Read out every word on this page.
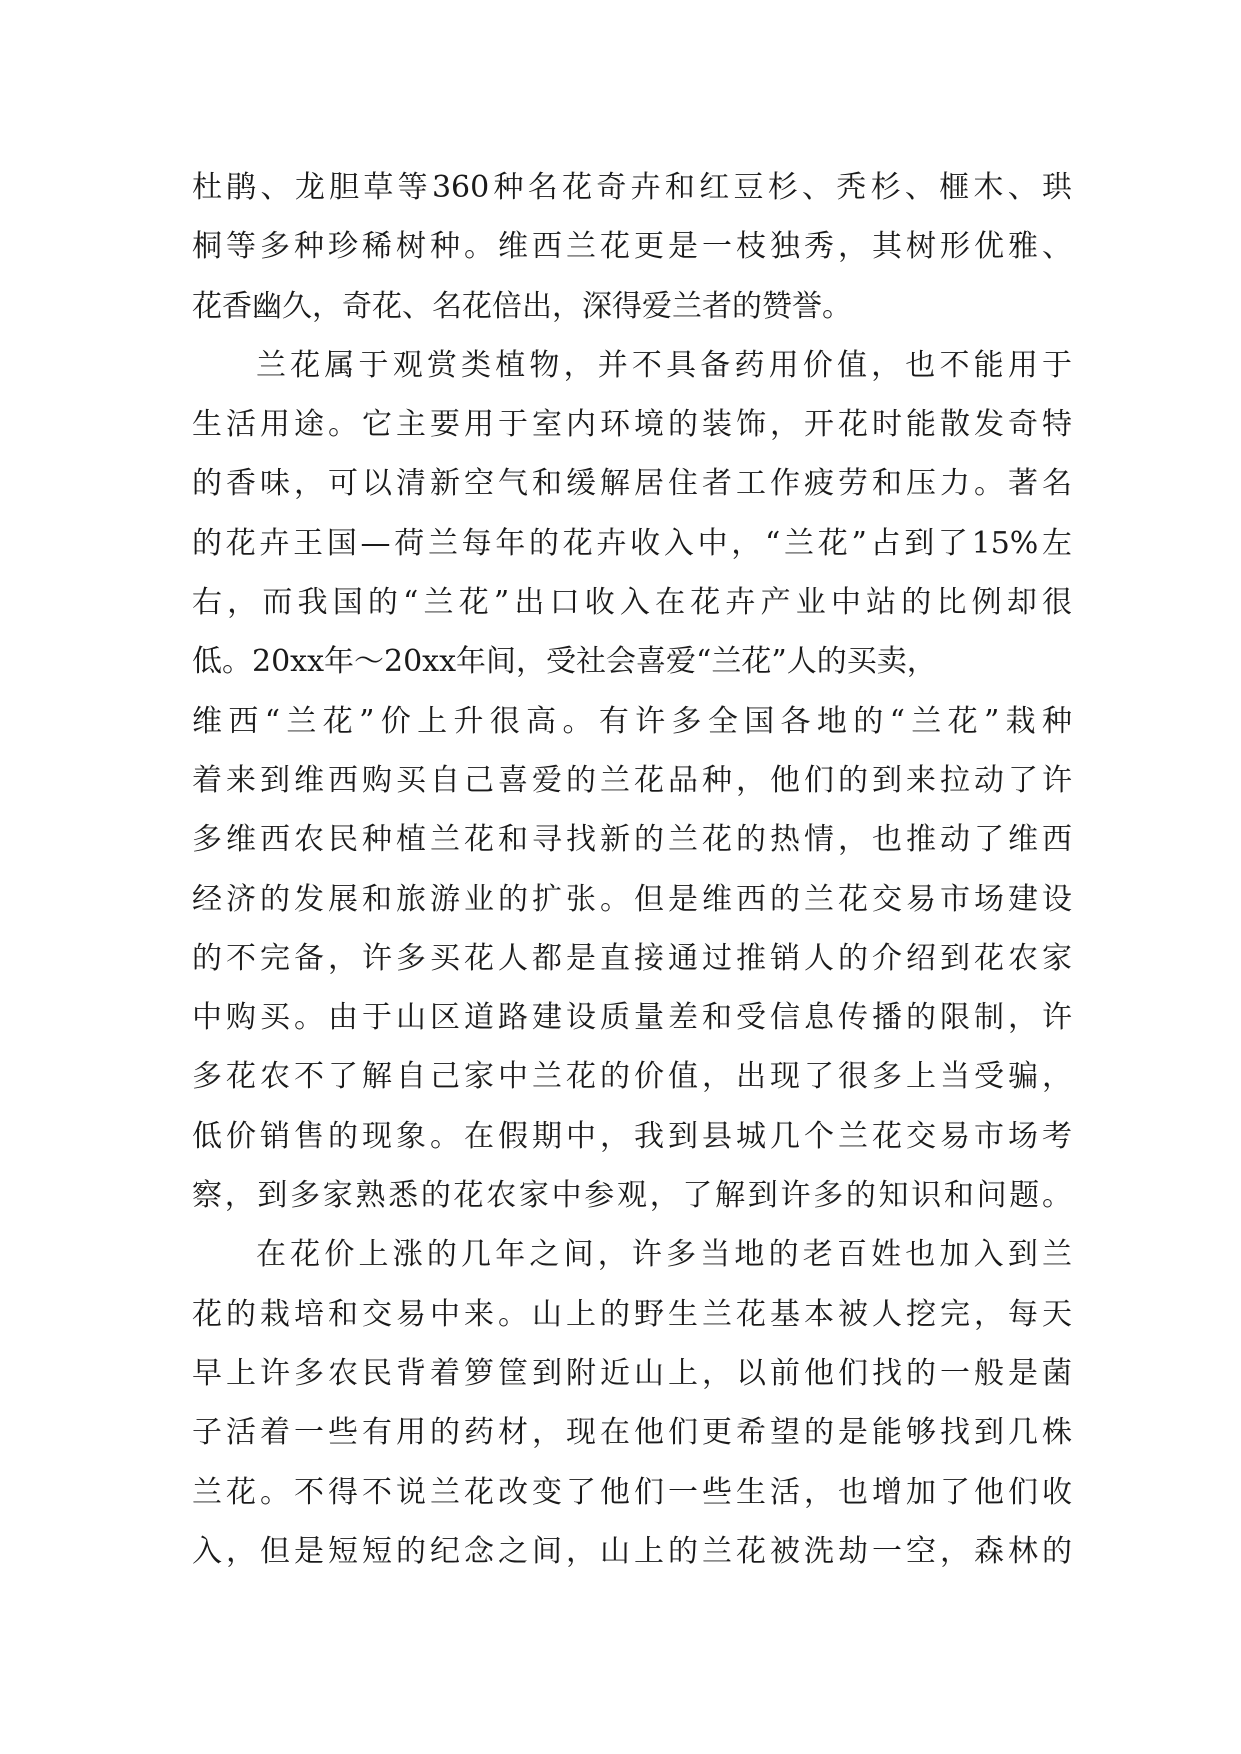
杜鹃、龙胆草等360种名花奇卉和红豆杉、秃杉、榧木、珙
桐等多种珍稀树种。维西兰花更是一枝独秀，其树形优雅、
花香幽久，奇花、名花倍出，深得爱兰者的赞誉。
兰花属于观赏类植物，并不具备药用价值，也不能用于
生活用途。它主要用于室内环境的装饰，开花时能散发奇特
的香味，可以清新空气和缓解居住者工作疲劳和压力。著名
的花卉王国—荷兰每年的花卉收入中，“兰花”占到了15%左
右，而我国的“兰花”出口收入在花卉产业中站的比例却很
低。20xx年～20xx年间，受社会喜爱“兰花”人的买卖，
维西“兰花”价上升很高。有许多全国各地的“兰花”栽种
着来到维西购买自己喜爱的兰花品种，他们的到来拉动了许
多维西农民种植兰花和寻找新的兰花的热情，也推动了维西
经济的发展和旅游业的扩张。但是维西的兰花交易市场建设
的不完备，许多买花人都是直接通过推销人的介绍到花农家
中购买。由于山区道路建设质量差和受信息传播的限制，许
多花农不了解自己家中兰花的价值，出现了很多上当受骗，
低价销售的现象。在假期中，我到县城几个兰花交易市场考
察，到多家熟悉的花农家中参观，了解到许多的知识和问题。
在花价上涨的几年之间，许多当地的老百姓也加入到兰
花的栽培和交易中来。山上的野生兰花基本被人挖完，每天
早上许多农民背着箩筐到附近山上，以前他们找的一般是菌
子活着一些有用的药材，现在他们更希望的是能够找到几株
兰花。不得不说兰花改变了他们一些生活，也增加了他们收
入，但是短短的纪念之间，山上的兰花被洗劫一空，森林的
